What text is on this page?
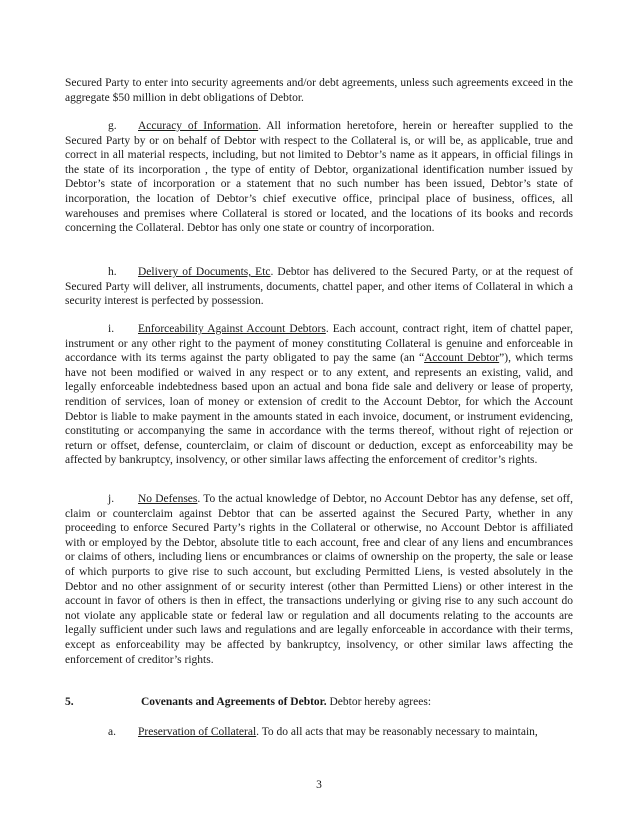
Secured Party to enter into security agreements and/or debt agreements, unless such agreements exceed in the aggregate $50 million in debt obligations of Debtor.

g. Accuracy of Information. All information heretofore, herein or hereafter supplied to the Secured Party by or on behalf of Debtor with respect to the Collateral is, or will be, as applicable, true and correct in all material respects, including, but not limited to Debtor’s name as it appears, in official filings in the state of its incorporation , the type of entity of Debtor, organizational identification number issued by Debtor’s state of incorporation or a statement that no such number has been issued, Debtor’s state of incorporation, the location of Debtor’s chief executive office, principal place of business, offices, all warehouses and premises where Collateral is stored or located, and the locations of its books and records concerning the Collateral. Debtor has only one state or country of incorporation.

h. Delivery of Documents, Etc. Debtor has delivered to the Secured Party, or at the request of Secured Party will deliver, all instruments, documents, chattel paper, and other items of Collateral in which a security interest is perfected by possession.

i. Enforceability Against Account Debtors. Each account, contract right, item of chattel paper, instrument or any other right to the payment of money constituting Collateral is genuine and enforceable in accordance with its terms against the party obligated to pay the same (an “Account Debtor”), which terms have not been modified or waived in any respect or to any extent, and represents an existing, valid, and legally enforceable indebtedness based upon an actual and bona fide sale and delivery or lease of property, rendition of services, loan of money or extension of credit to the Account Debtor, for which the Account Debtor is liable to make payment in the amounts stated in each invoice, document, or instrument evidencing, constituting or accompanying the same in accordance with the terms thereof, without right of rejection or return or offset, defense, counterclaim, or claim of discount or deduction, except as enforceability may be affected by bankruptcy, insolvency, or other similar laws affecting the enforcement of creditor’s rights.

j. No Defenses. To the actual knowledge of Debtor, no Account Debtor has any defense, set off, claim or counterclaim against Debtor that can be asserted against the Secured Party, whether in any proceeding to enforce Secured Party’s rights in the Collateral or otherwise, no Account Debtor is affiliated with or employed by the Debtor, absolute title to each account, free and clear of any liens and encumbrances or claims of others, including liens or encumbrances or claims of ownership on the property, the sale or lease of which purports to give rise to such account, but excluding Permitted Liens, is vested absolutely in the Debtor and no other assignment of or security interest (other than Permitted Liens) or other interest in the account in favor of others is then in effect, the transactions underlying or giving rise to any such account do not violate any applicable state or federal law or regulation and all documents relating to the accounts are legally sufficient under such laws and regulations and are legally enforceable in accordance with their terms, except as enforceability may be affected by bankruptcy, insolvency, or other similar laws affecting the enforcement of creditor’s rights.

5.	Covenants and Agreements of Debtor. Debtor hereby agrees:
a. Preservation of Collateral. To do all acts that may be reasonably necessary to maintain,
3
